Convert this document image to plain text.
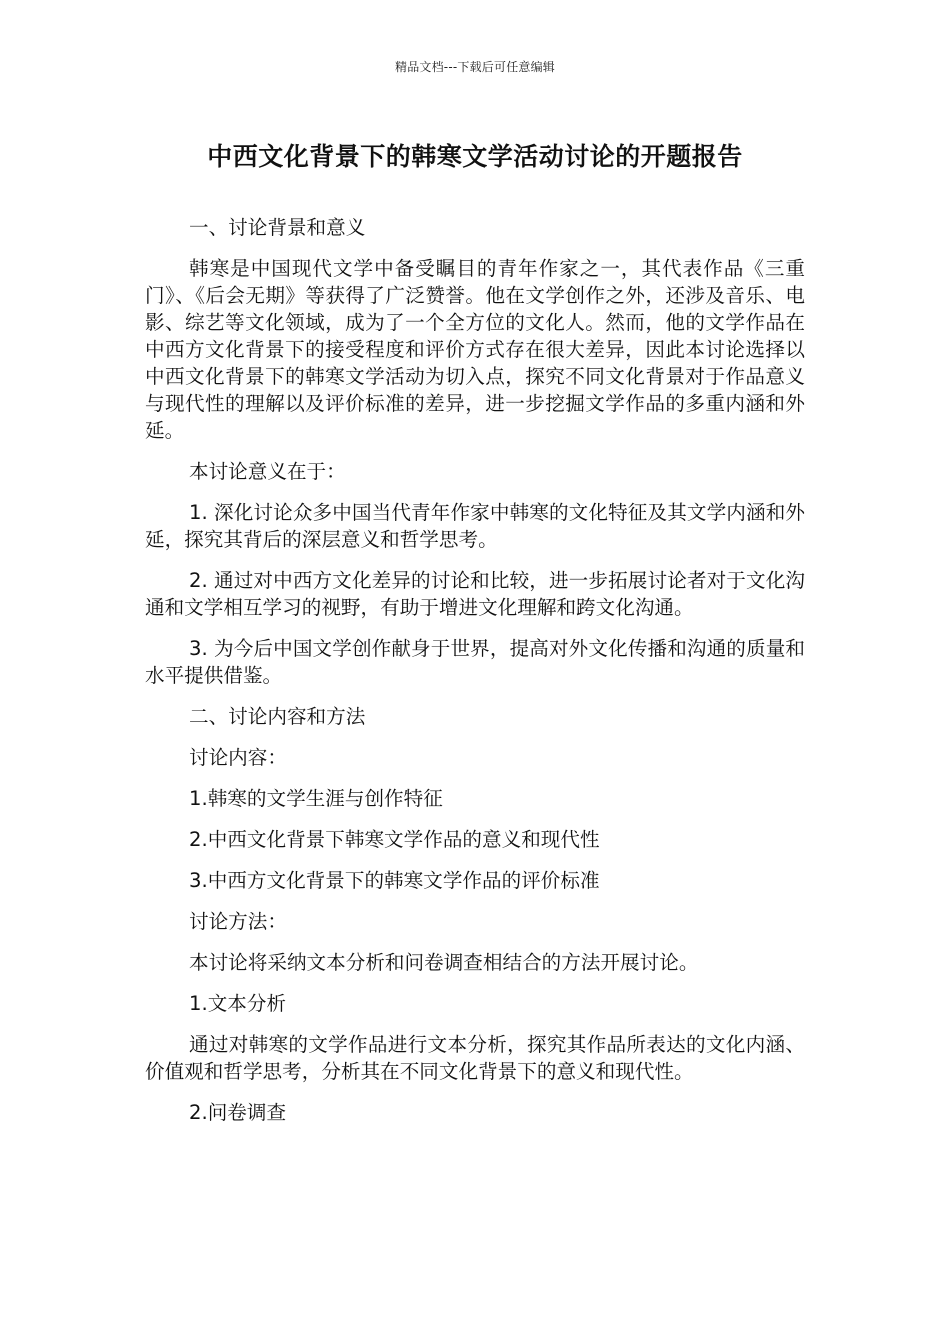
精品文档---下载后可任意编辑
中西文化背景下的韩寒文学活动讨论的开题报告

一、讨论背景和意义

韩寒是中国现代文学中备受瞩目的青年作家之一，其代表作品《三重门》、《后会无期》等获得了广泛赞誉。他在文学创作之外，还涉及音乐、电影、综艺等文化领域，成为了一个全方位的文化人。然而，他的文学作品在中西方文化背景下的接受程度和评价方式存在很大差异，因此本讨论选择以中西文化背景下的韩寒文学活动为切入点，探究不同文化背景对于作品意义与现代性的理解以及评价标准的差异，进一步挖掘文学作品的多重内涵和外延。

本讨论意义在于：

1. 深化讨论众多中国当代青年作家中韩寒的文化特征及其文学内涵和外延，探究其背后的深层意义和哲学思考。

2. 通过对中西方文化差异的讨论和比较，进一步拓展讨论者对于文化沟通和文学相互学习的视野，有助于增进文化理解和跨文化沟通。

3. 为今后中国文学创作献身于世界，提高对外文化传播和沟通的质量和水平提供借鉴。

二、讨论内容和方法

讨论内容：

1.韩寒的文学生涯与创作特征

2.中西文化背景下韩寒文学作品的意义和现代性

3.中西方文化背景下的韩寒文学作品的评价标准

讨论方法：

本讨论将采纳文本分析和问卷调查相结合的方法开展讨论。

1.文本分析

通过对韩寒的文学作品进行文本分析，探究其作品所表达的文化内涵、价值观和哲学思考，分析其在不同文化背景下的意义和现代性。

2.问卷调查
